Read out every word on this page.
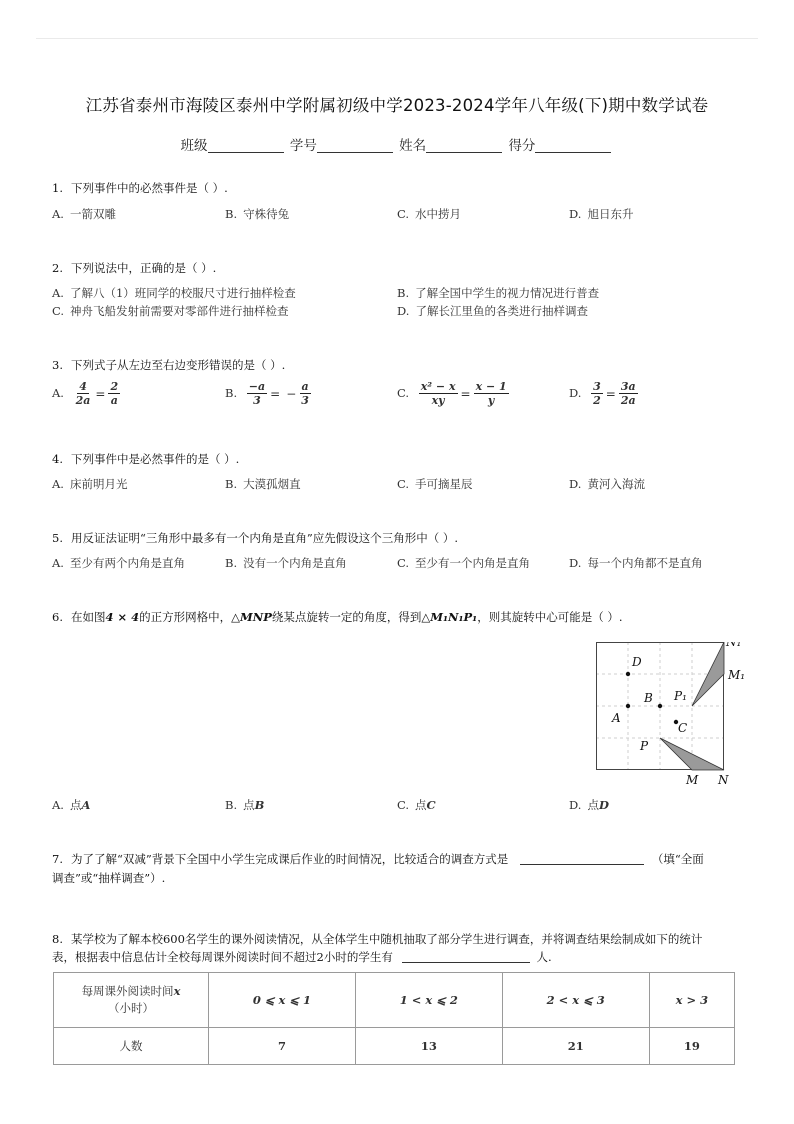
江苏省泰州市海陵区泰州中学附属初级中学2023-2024学年八年级(下)期中数学试卷
班级	学号	姓名	得分
1. 下列事件中的必然事件是（ ）.
A. 一箭双雕	B. 守株待兔	C. 水中捞月	D. 旭日东升
2. 下列说法中，正确的是（ ）.
A. 了解八（1）班同学的校服尺寸进行抽样检查	B. 了解全国中学生的视力情况进行普查
C. 神舟飞船发射前需要对零部件进行抽样检查	D. 了解长江里鱼的各类进行抽样调查
3. 下列式子从左边至右边变形错误的是（ ）.
A. $\frac{4}{2a} = \frac{2}{a}$	B. $\frac{-a}{3}$ = − $\frac{a}{3}$	C. $\frac{\text{x² − x}}{xy} = \frac{x - 1}{y}$	D. $\frac{3}{2} = \frac{3a}{2a}$
4. 下列事件中是必然事件的是（ ）.
A. 床前明月光	B. 大漠孤烟直	C. 手可摘星辰	D. 黄河入海流
5. 用反证法证明“三角形中最多有一个内角是直角”应先假设这个三角形中（ ）.
A. 至少有两个内角是直角	B. 没有一个内角是直角	C. 至少有一个内角是直角	D. 每一个内角都不是直角
6. 在如图4 × 4的正方形网格中，△MNP绕某点旋转一定的角度，得到△M₁N₁P₁，则其旋转中心可能是（ ）.
D
B P₁
A
C
P
M N
N₁
M₁
A. 点A	B. 点B	C. 点C	D. 点D
7. 为了了解“双减”背景下全国中小学生完成课后作业的时间情况，比较适合的调查方式是	（填“全面
调查”或“抽样调查”）.
8. 某学校为了解本校600名学生的课外阅读情况，从全体学生中随机抽取了部分学生进行调查，并将调查结果绘制成如下的统计
表，根据表中信息估计全校每周课外阅读时间不超过2小时的学生有	人.
每周课外阅读时间x（小时）	0 ⩽ x ⩽ 1	1 < x ⩽ 2	2 < x ⩽ 3	x > 3
人数	7	13	21	19
